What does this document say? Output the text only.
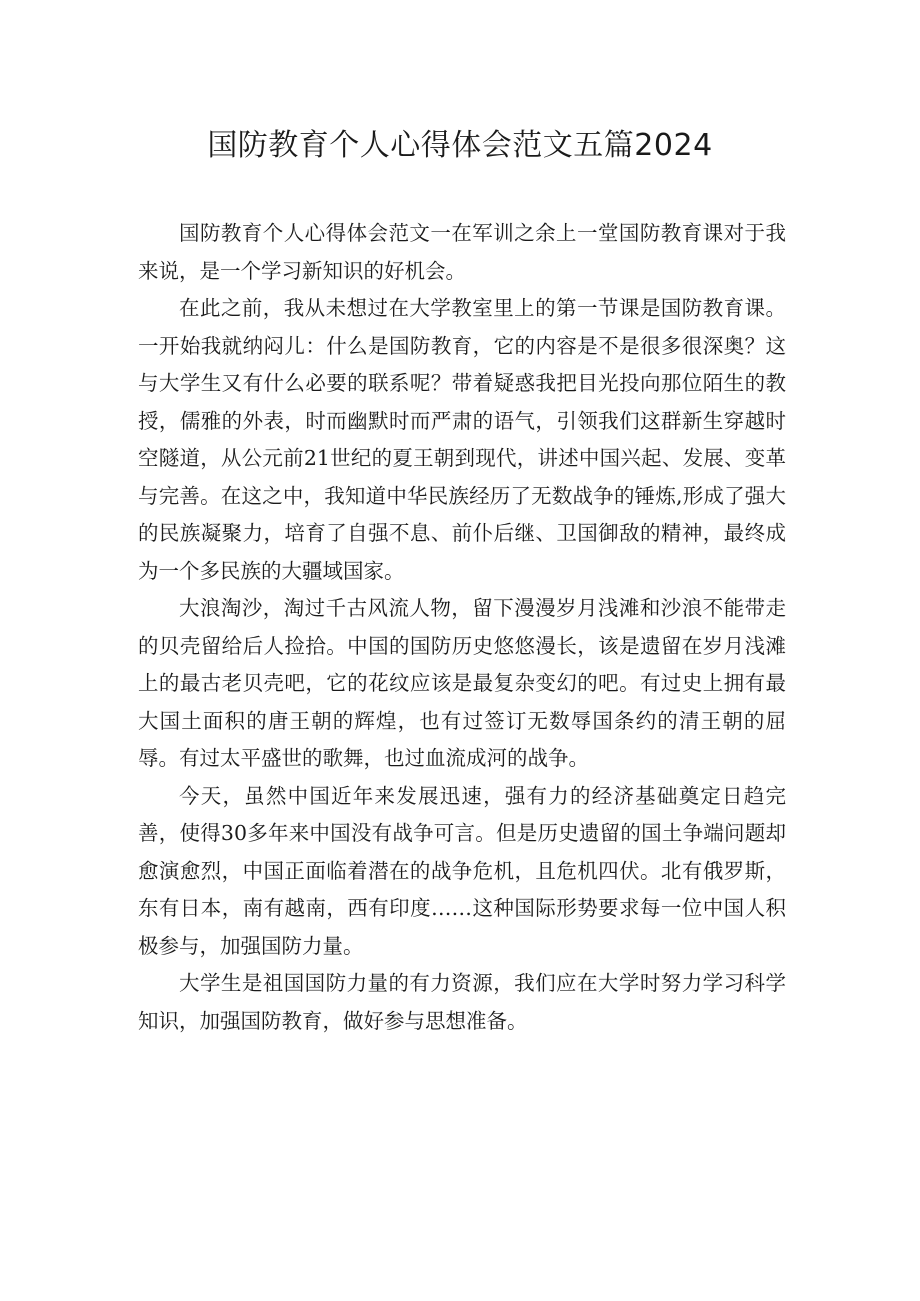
国防教育个人心得体会范文五篇2024

国防教育个人心得体会范文一在军训之余上一堂国防教育课对于我来说，是一个学习新知识的好机会。

在此之前，我从未想过在大学教室里上的第一节课是国防教育课。一开始我就纳闷儿：什么是国防教育，它的内容是不是很多很深奥？这与大学生又有什么必要的联系呢？带着疑惑我把目光投向那位陌生的教授，儒雅的外表，时而幽默时而严肃的语气，引领我们这群新生穿越时空隧道，从公元前21世纪的夏王朝到现代，讲述中国兴起、发展、变革与完善。在这之中，我知道中华民族经历了无数战争的锤炼,形成了强大的民族凝聚力，培育了自强不息、前仆后继、卫国御敌的精神，最终成为一个多民族的大疆域国家。

大浪淘沙，淘过千古风流人物，留下漫漫岁月浅滩和沙浪不能带走的贝壳留给后人捡拾。中国的国防历史悠悠漫长，该是遗留在岁月浅滩上的最古老贝壳吧，它的花纹应该是最复杂变幻的吧。有过史上拥有最大国土面积的唐王朝的辉煌，也有过签订无数辱国条约的清王朝的屈辱。有过太平盛世的歌舞，也过血流成河的战争。

今天，虽然中国近年来发展迅速，强有力的经济基础奠定日趋完善，使得30多年来中国没有战争可言。但是历史遗留的国土争端问题却愈演愈烈，中国正面临着潜在的战争危机，且危机四伏。北有俄罗斯，东有日本，南有越南，西有印度……这种国际形势要求每一位中国人积极参与，加强国防力量。

大学生是祖国国防力量的有力资源，我们应在大学时努力学习科学知识，加强国防教育，做好参与思想准备。
